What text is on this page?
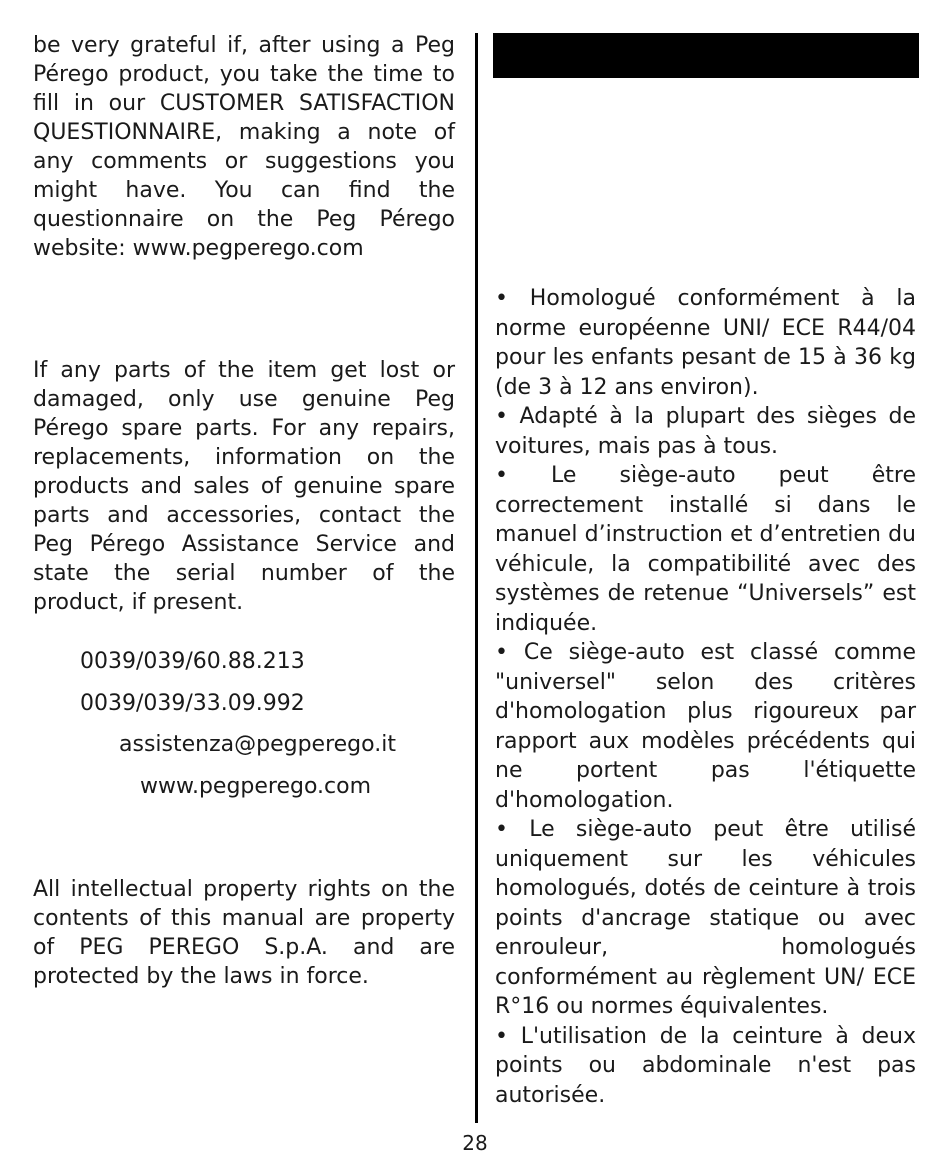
be very grateful if, after using a Peg Pérego product, you take the time to fill in our CUSTOMER SATISFACTION QUESTIONNAIRE, making a note of any comments or suggestions you might have. You can find the questionnaire on the Peg Pérego website: www.pegperego.com

If any parts of the item get lost or damaged, only use genuine Peg Pérego spare parts. For any repairs, replacements, information on the products and sales of genuine spare parts and accessories, contact the Peg Pérego Assistance Service and state the serial number of the product, if present.

0039/039/60.88.213
0039/039/33.09.992
assistenza@pegperego.it
www.pegperego.com

All intellectual property rights on the contents of this manual are property of PEG PEREGO S.p.A. and are protected by the laws in force.

• Homologué conformément à la norme européenne UNI/ ECE R44/04 pour les enfants pesant de 15 à 36 kg (de 3 à 12 ans environ).

• Adapté à la plupart des sièges de voitures, mais pas à tous.

• Le siège-auto peut être correctement installé si dans le manuel d’instruction et d’entretien du véhicule, la compatibilité avec des systèmes de retenue “Universels” est indiquée.

• Ce siège-auto est classé comme "universel" selon des critères d'homologation plus rigoureux par rapport aux modèles précédents qui ne portent pas l'étiquette d'homologation.

• Le siège-auto peut être utilisé uniquement sur les véhicules homologués, dotés de ceinture à trois points d'ancrage statique ou avec enrouleur, homologués conformément au règlement UN/ ECE R°16 ou normes équivalentes.

• L'utilisation de la ceinture à deux points ou abdominale n'est pas autorisée.

28
